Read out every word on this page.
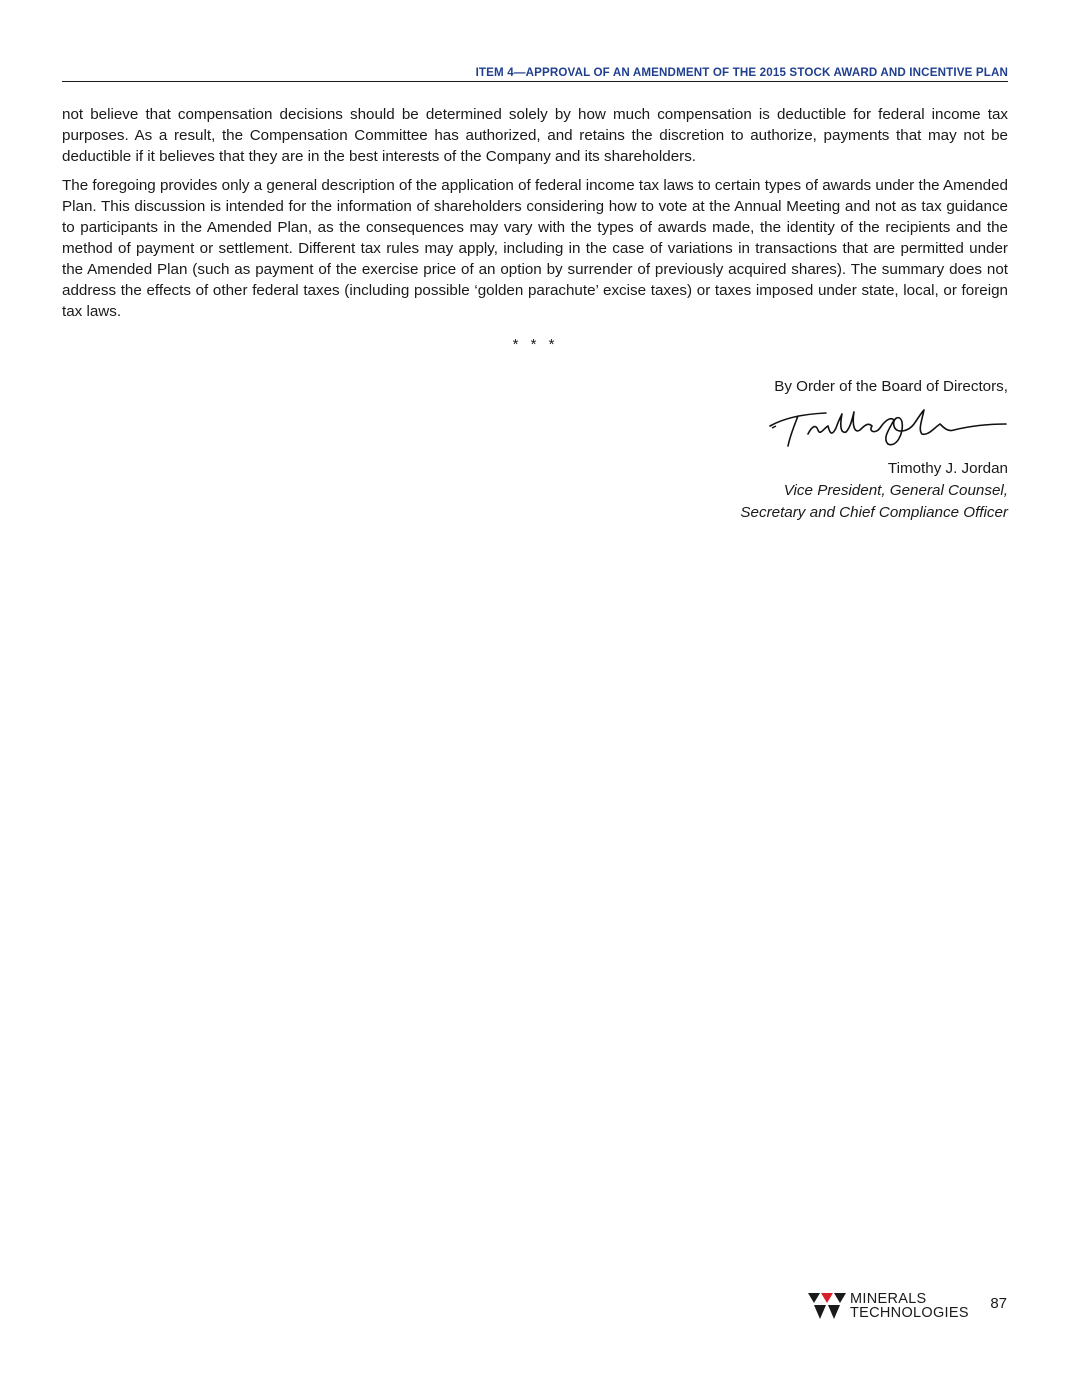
ITEM 4—APPROVAL OF AN AMENDMENT OF THE 2015 STOCK AWARD AND INCENTIVE PLAN

not believe that compensation decisions should be determined solely by how much compensation is deductible for federal income tax purposes. As a result, the Compensation Committee has authorized, and retains the discretion to authorize, payments that may not be deductible if it believes that they are in the best interests of the Company and its shareholders.

The foregoing provides only a general description of the application of federal income tax laws to certain types of awards under the Amended Plan. This discussion is intended for the information of shareholders considering how to vote at the Annual Meeting and not as tax guidance to participants in the Amended Plan, as the consequences may vary with the types of awards made, the identity of the recipients and the method of payment or settlement. Different tax rules may apply, including in the case of variations in transactions that are permitted under the Amended Plan (such as payment of the exercise price of an option by surrender of previously acquired shares). The summary does not address the effects of other federal taxes (including possible ‘golden parachute’ excise taxes) or taxes imposed under state, local, or foreign tax laws.

* * *
By Order of the Board of Directors,
Timothy J. Jordan
Vice President, General Counsel,
Secretary and Chief Compliance Officer
MINERALS
TECHNOLOGIES
87
